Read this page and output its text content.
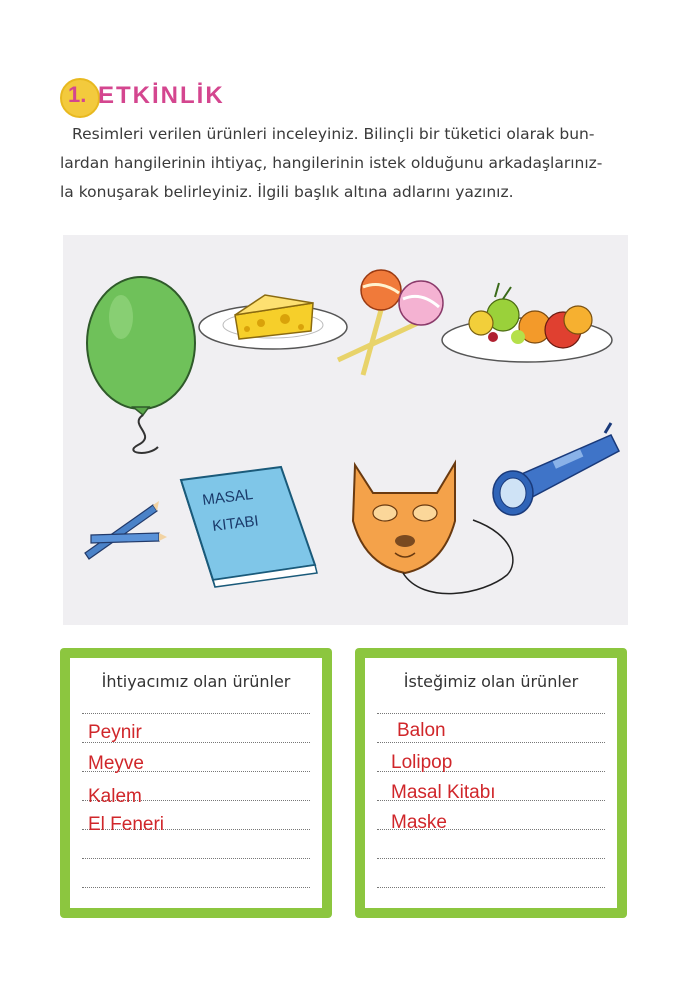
1. ETKİNLİK
Resimleri verilen ürünleri inceleyiniz. Bilinçli bir tüketici olarak bun-
lardan hangilerinin ihtiyaç, hangilerinin istek olduğunu arkadaşlarınız-
la konuşarak belirleyiniz. İlgili başlık altına adlarını yazınız.
MASAL
KITABI
İhtiyacımız olan ürünler
Peynir
Meyve
Kalem
El Feneri
İsteğimiz olan ürünler
Balon
Lolipop
Masal Kitabı
Maske
